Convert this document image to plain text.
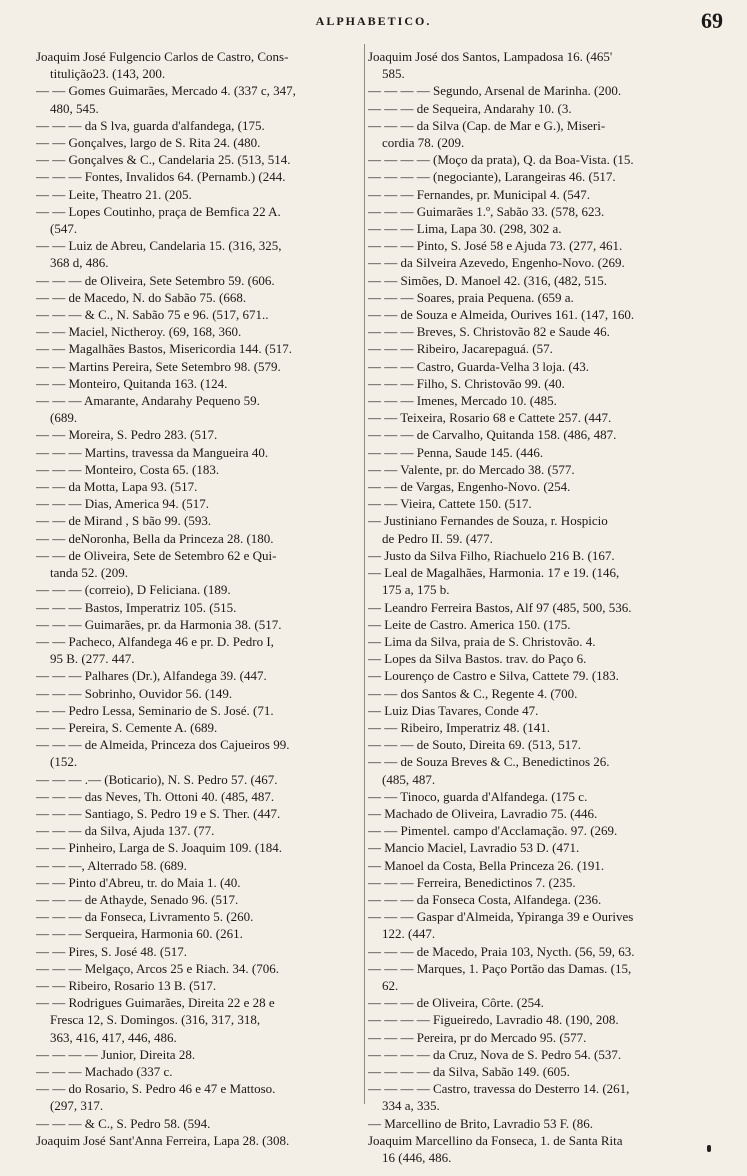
ALPHABETICO.	69
Joaquim José Fulgencio Carlos de Castro, Cons-
titulição23. (143, 200.
— — Gomes Guimarães, Mercado 4. (337 c, 347,
480, 545.
— — — da S lva, guarda d'alfandega, (175.
— — Gonçalves, largo de S. Rita 24. (480.
— — Gonçalves & C., Candelaria 25. (513, 514.
— — — Fontes, Invalidos 64. (Pernamb.) (244.
— — Leite, Theatro 21. (205.
— — Lopes Coutinho, praça de Bemfica 22 A.
(547.
— — Luiz de Abreu, Candelaria 15. (316, 325,
368 d, 486.
— — — de Oliveira, Sete Setembro 59. (606.
— — de Macedo, N. do Sabão 75. (668.
— — — & C., N. Sabão 75 e 96. (517, 671..
— — Maciel, Nictheroy. (69, 168, 360.
— — Magalhães Bastos, Misericordia 144. (517.
— — Martins Pereira, Sete Setembro 98. (579.
— — Monteiro, Quitanda 163. (124.
— — — Amarante, Andarahy Pequeno 59.
(689.
— — Moreira, S. Pedro 283. (517.
— — — Martins, travessa da Mangueira 40.
— — — Monteiro, Costa 65. (183.
— — da Motta, Lapa 93. (517.
— — — Dias, America 94. (517.
— — de Mirand , S bão 99. (593.
— — deNoronha, Bella da Princeza 28. (180.
— — de Oliveira, Sete de Setembro 62 e Qui-
tanda 52. (209.
— — — (correio), D Feliciana. (189.
— — — Bastos, Imperatriz 105. (515.
— — — Guimarães, pr. da Harmonia 38. (517.
— — Pacheco, Alfandega 46 e pr. D. Pedro I,
95 B. (277. 447.
— — — Palhares (Dr.), Alfandega 39. (447.
— — — Sobrinho, Ouvidor 56. (149.
— — Pedro Lessa, Seminario de S. José. (71.
— — Pereira, S. Cemente A. (689.
— — — de Almeida, Princeza dos Cajueiros 99.
(152.
— — — .— (Boticario), N. S. Pedro 57. (467.
— — — das Neves, Th. Ottoni 40. (485, 487.
— — — Santiago, S. Pedro 19 e S. Ther. (447.
— — — da Silva, Ajuda 137. (77.
— — Pinheiro, Larga de S. Joaquim 109. (184.
— — —, Alterrado 58. (689.
— — Pinto d'Abreu, tr. do Maia 1. (40.
— — — de Athayde, Senado 96. (517.
— — — da Fonseca, Livramento 5. (260.
— — — Serqueira, Harmonia 60. (261.
— — Pires, S. José 48. (517.
— — — Melgaço, Arcos 25 e Riach. 34. (706.
— — Ribeiro, Rosario 13 B. (517.
— — Rodrigues Guimarães, Direita 22 e 28 e
Fresca 12, S. Domingos. (316, 317, 318,
363, 416, 417, 446, 486.
— — — — Junior, Direita 28.
— — — Machado (337 c.
— — do Rosario, S. Pedro 46 e 47 e Mattoso.
(297, 317.
— — — & C., S. Pedro 58. (594.
Joaquim José Sant'Anna Ferreira, Lapa 28. (308.
Joaquim José dos Santos, Lampadosa 16. (465'
585.
— — — — Segundo, Arsenal de Marinha. (200.
— — — de Sequeira, Andarahy 10. (3.
— — — da Silva (Cap. de Mar e G.), Miseri-
cordia 78. (209.
— — — — (Moço da prata), Q. da Boa-Vista. (15.
— — — — (negociante), Larangeiras 46. (517.
— — — Fernandes, pr. Municipal 4. (547.
— — — Guimarães 1.º, Sabão 33. (578, 623.
— — — Lima, Lapa 30. (298, 302 a.
— — — Pinto, S. José 58 e Ajuda 73. (277, 461.
— — da Silveira Azevedo, Engenho-Novo. (269.
— — Simões, D. Manoel 42. (316, (482, 515.
— — — Soares, praia Pequena. (659 a.
— — de Souza e Almeida, Ourives 161. (147, 160.
— — — Breves, S. Christovão 82 e Saude 46.
— — — Ribeiro, Jacarepaguá. (57.
— — — Castro, Guarda-Velha 3 loja. (43.
— — — Filho, S. Christovão 99. (40.
— — — Imenes, Mercado 10. (485.
— — Teixeira, Rosario 68 e Cattete 257. (447.
— — — de Carvalho, Quitanda 158. (486, 487.
— — — Penna, Saude 145. (446.
— — Valente, pr. do Mercado 38. (577.
— — de Vargas, Engenho-Novo. (254.
— — Vieira, Cattete 150. (517.
— Justiniano Fernandes de Souza, r. Hospicio
de Pedro II. 59. (477.
— Justo da Silva Filho, Riachuelo 216 B. (167.
— Leal de Magalhães, Harmonia. 17 e 19. (146,
175 a, 175 b.
— Leandro Ferreira Bastos, Alf 97 (485, 500, 536.
— Leite de Castro. America 150. (175.
— Lima da Silva, praia de S. Christovão. 4.
— Lopes da Silva Bastos. trav. do Paço 6.
— Lourenço de Castro e Silva, Cattete 79. (183.
— — dos Santos & C., Regente 4. (700.
— Luiz Dias Tavares, Conde 47.
— — Ribeiro, Imperatriz 48. (141.
— — — de Souto, Direita 69. (513, 517.
— — de Souza Breves & C., Benedictinos 26.
(485, 487.
— — Tinoco, guarda d'Alfandega. (175 c.
— Machado de Oliveira, Lavradio 75. (446.
— — Pimentel. campo d'Acclamação. 97. (269.
— Mancio Maciel, Lavradio 53 D. (471.
— Manoel da Costa, Bella Princeza 26. (191.
— — — Ferreira, Benedictinos 7. (235.
— — — da Fonseca Costa, Alfandega. (236.
— — — Gaspar d'Almeida, Ypiranga 39 e Ourives
122. (447.
— — — de Macedo, Praia 103, Nycth. (56, 59, 63.
— — — Marques, 1. Paço Portão das Damas. (15,
62.
— — — de Oliveira, Côrte. (254.
— — — — Figueiredo, Lavradio 48. (190, 208.
— — — Pereira, pr do Mercado 95. (577.
— — — — da Cruz, Nova de S. Pedro 54. (537.
— — — — da Silva, Sabão 149. (605.
— — — — Castro, travessa do Desterro 14. (261,
334 a, 335.
— Marcellino de Brito, Lavradio 53 F. (86.
Joaquim Marcellino da Fonseca, 1. de Santa Rita
16 (446, 486.
